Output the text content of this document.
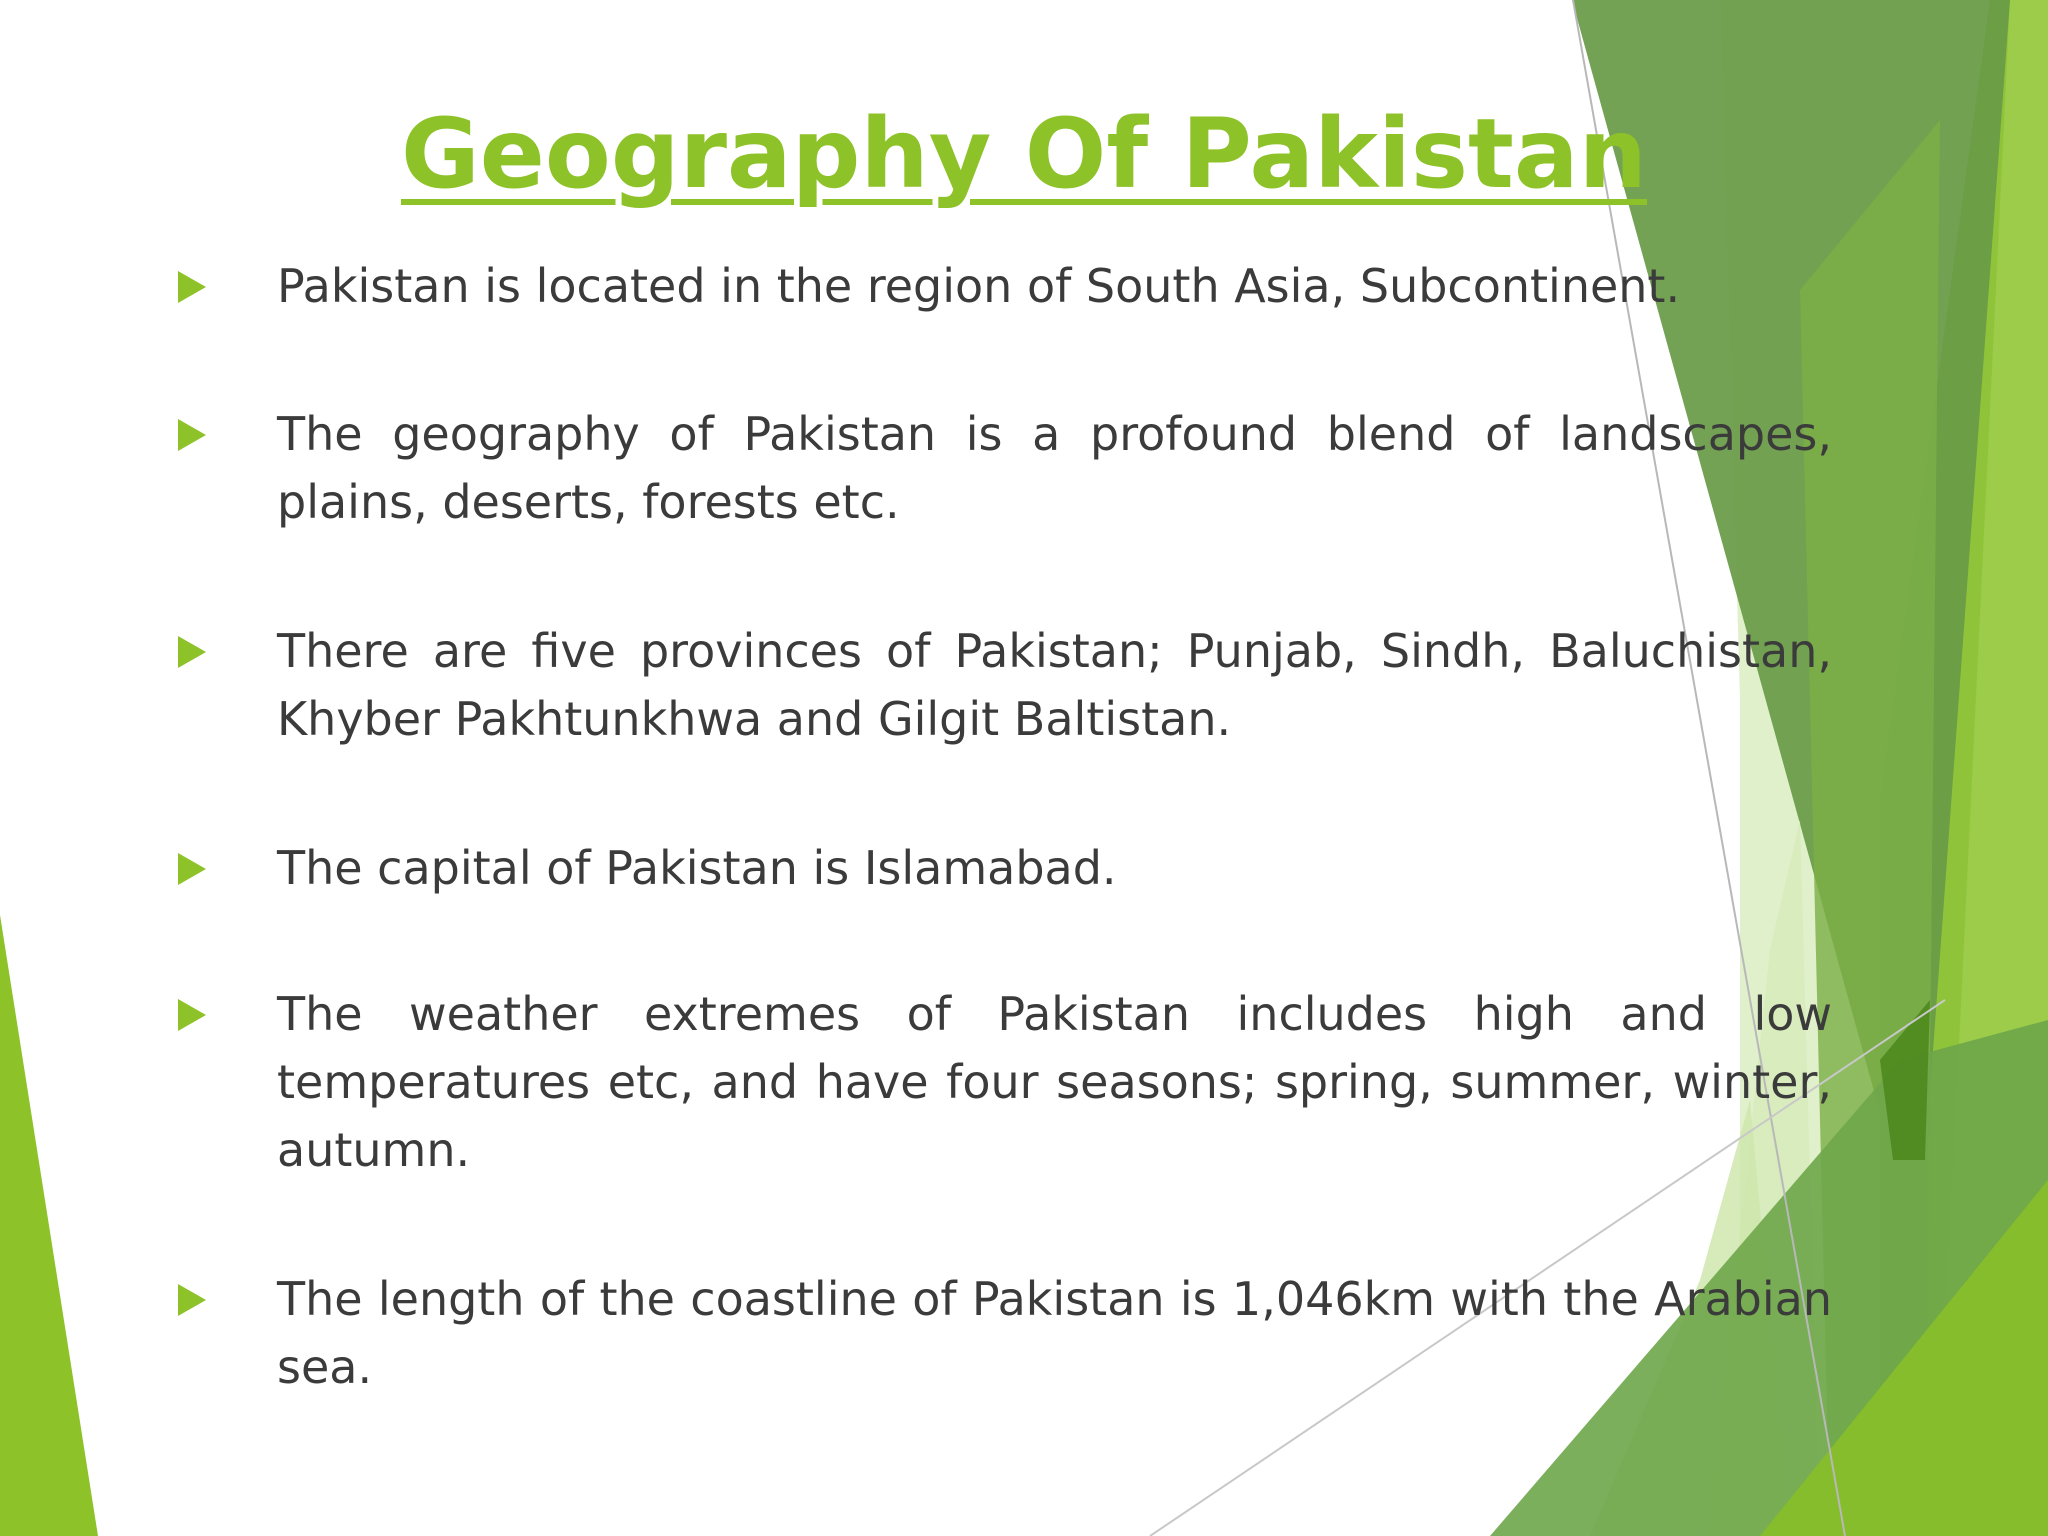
Geography Of Pakistan

Pakistan is located in the region of South Asia, Subcontinent.

The geography of Pakistan is a profound blend of landscapes, plains, deserts, forests etc.

There are five provinces of Pakistan; Punjab, Sindh, Baluchistan, Khyber Pakhtunkhwa and Gilgit Baltistan.

The capital of Pakistan is Islamabad.

The weather extremes of Pakistan includes high and low temperatures etc, and have four seasons; spring, summer, winter, autumn.

The length of the coastline of Pakistan is 1,046km with the Arabian sea.
